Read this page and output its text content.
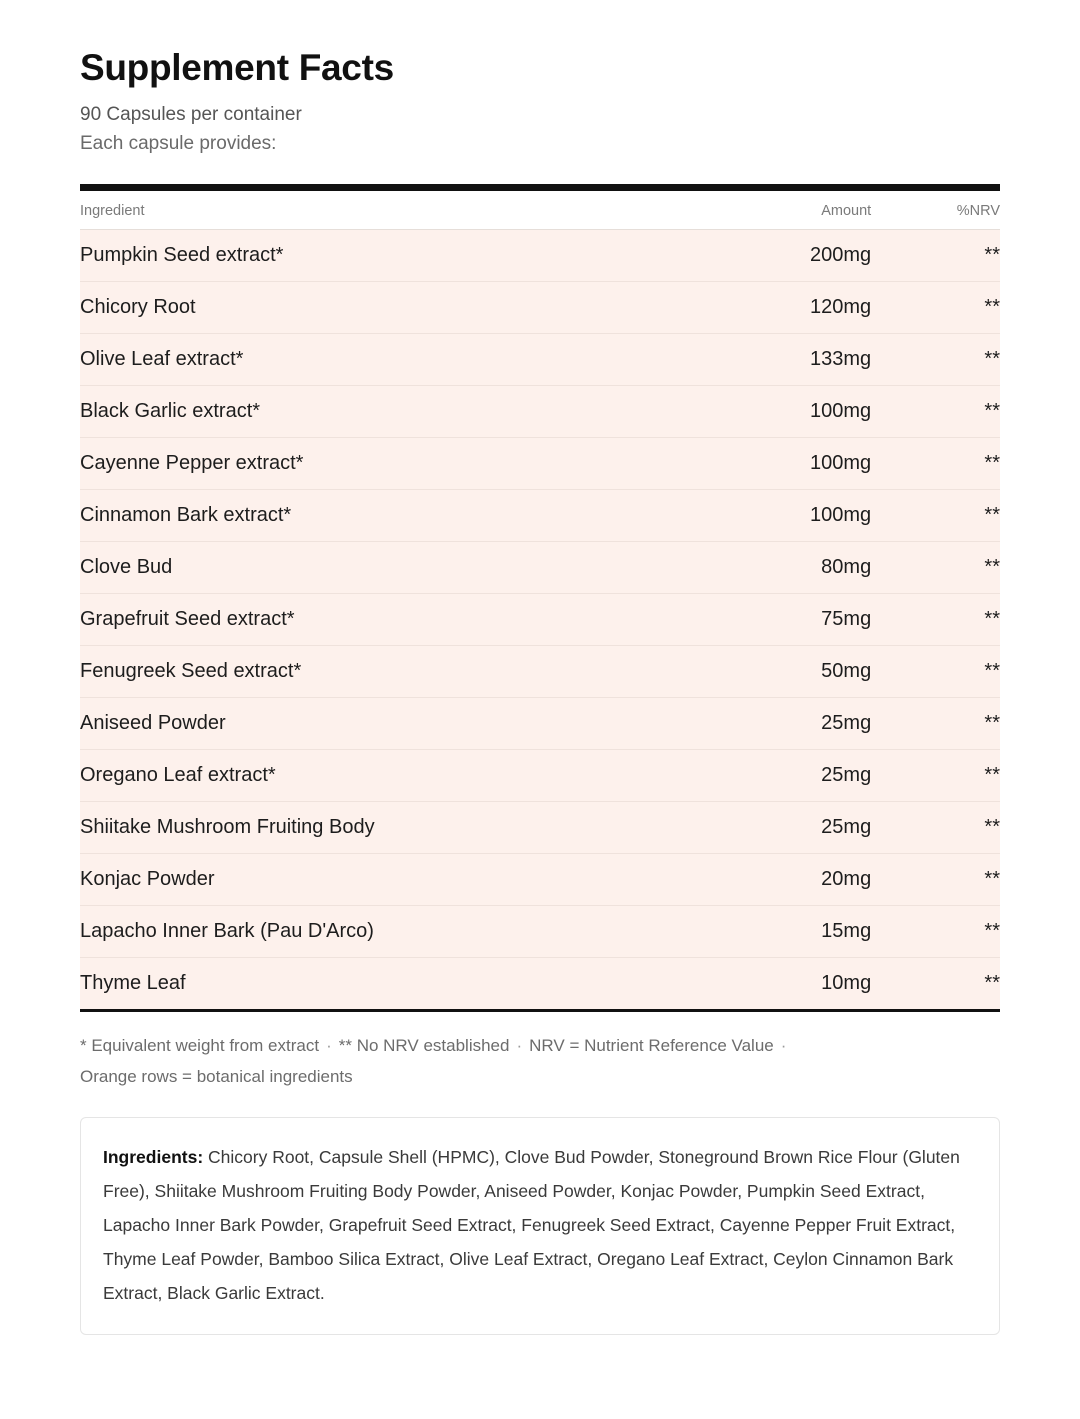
Supplement Facts

90 Capsules per container

Each capsule provides:

Ingredient	Amount	%NRV
Pumpkin Seed extract*	200mg	**
Chicory Root	120mg	**
Olive Leaf extract*	133mg	**
Black Garlic extract*	100mg	**
Cayenne Pepper extract*	100mg	**
Cinnamon Bark extract*	100mg	**
Clove Bud	80mg	**
Grapefruit Seed extract*	75mg	**
Fenugreek Seed extract*	50mg	**
Aniseed Powder	25mg	**
Oregano Leaf extract*	25mg	**
Shiitake Mushroom Fruiting Body	25mg	**
Konjac Powder	20mg	**
Lapacho Inner Bark (Pau D'Arco)	15mg	**
Thyme Leaf	10mg	**
* Equivalent weight from extract · ** No NRV established · NRV = Nutrient Reference Value ·
Orange rows = botanical ingredients
Ingredients: Chicory Root, Capsule Shell (HPMC), Clove Bud Powder, Stoneground Brown Rice Flour (Gluten Free), Shiitake Mushroom Fruiting Body Powder, Aniseed Powder, Konjac Powder, Pumpkin Seed Extract, Lapacho Inner Bark Powder, Grapefruit Seed Extract, Fenugreek Seed Extract, Cayenne Pepper Fruit Extract, Thyme Leaf Powder, Bamboo Silica Extract, Olive Leaf Extract, Oregano Leaf Extract, Ceylon Cinnamon Bark Extract, Black Garlic Extract.
